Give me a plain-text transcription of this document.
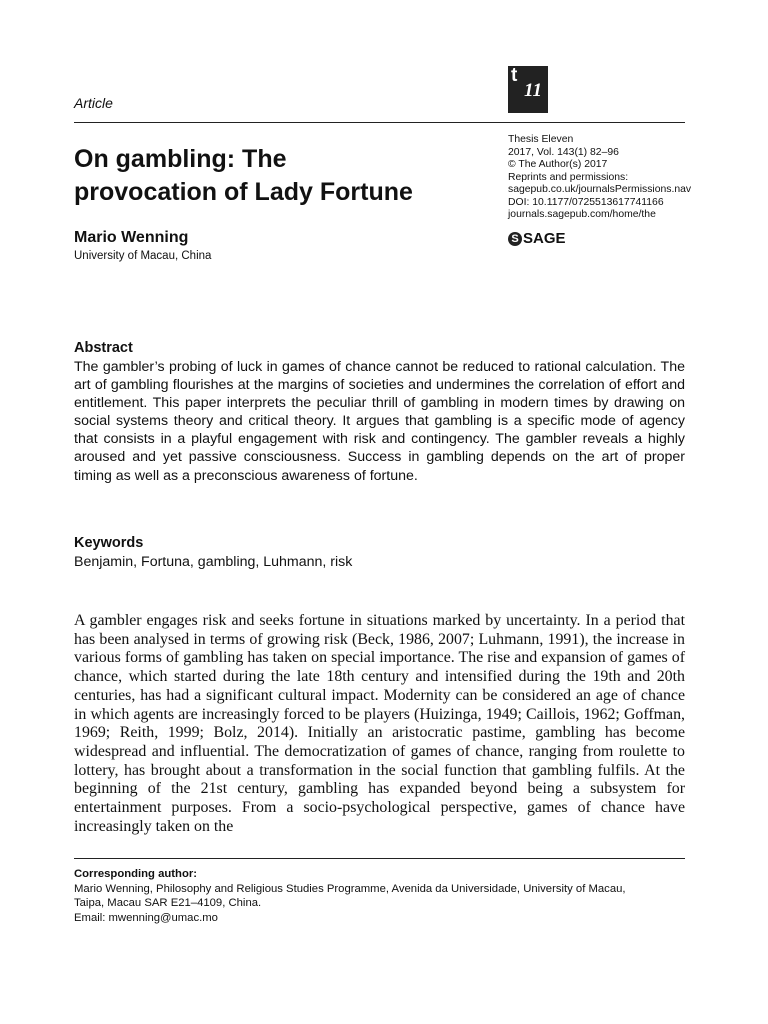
Article
t
11
On gambling: The
provocation of Lady Fortune
Thesis Eleven
2017, Vol. 143(1) 82–96
© The Author(s) 2017
Reprints and permissions:
sagepub.co.uk/journalsPermissions.nav
DOI: 10.1177/0725513617741166
journals.sagepub.com/home/the
S SAGE
Mario Wenning
University of Macau, China

Abstract

The gambler’s probing of luck in games of chance cannot be reduced to rational calculation. The art of gambling flourishes at the margins of societies and undermines the correlation of effort and entitlement. This paper interprets the peculiar thrill of gambling in modern times by drawing on social systems theory and critical theory. It argues that gambling is a specific mode of agency that consists in a playful engagement with risk and contingency. The gambler reveals a highly aroused and yet passive consciousness. Success in gambling depends on the art of proper timing as well as a preconscious awareness of fortune.

Keywords

Benjamin, Fortuna, gambling, Luhmann, risk

A gambler engages risk and seeks fortune in situations marked by uncertainty. In a period that has been analysed in terms of growing risk (Beck, 1986, 2007; Luhmann, 1991), the increase in various forms of gambling has taken on special importance. The rise and expansion of games of chance, which started during the late 18th century and intensified during the 19th and 20th centuries, has had a significant cultural impact. Modernity can be considered an age of chance in which agents are increasingly forced to be players (Huizinga, 1949; Caillois, 1962; Goffman, 1969; Reith, 1999; Bolz, 2014). Initially an aristocratic pastime, gambling has become widespread and influential. The democratization of games of chance, ranging from roulette to lottery, has brought about a transformation in the social function that gambling fulfils. At the beginning of the 21st century, gambling has expanded beyond being a subsystem for entertainment purposes. From a socio-psychological perspective, games of chance have increasingly taken on the

Corresponding author:
Mario Wenning, Philosophy and Religious Studies Programme, Avenida da Universidade, University of Macau,
Taipa, Macau SAR E21–4109, China.
Email: mwenning@umac.mo
